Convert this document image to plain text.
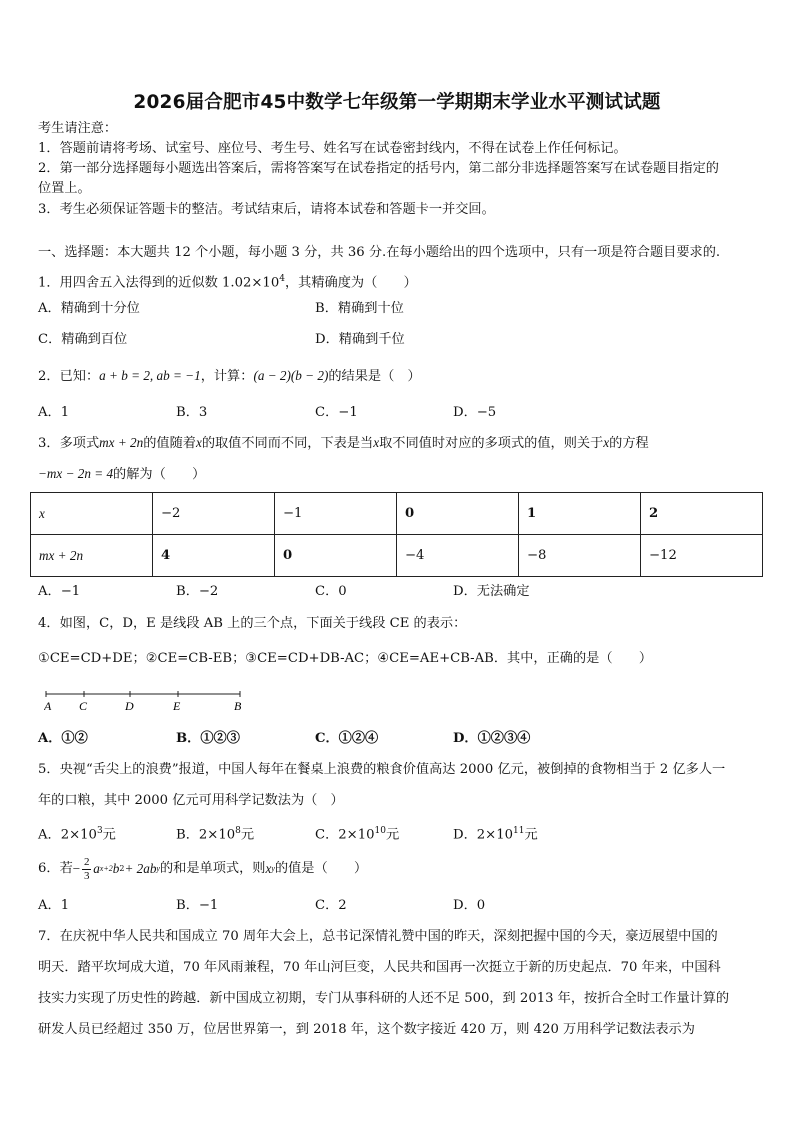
2026届合肥市45中数学七年级第一学期期末学业水平测试试题
考生请注意：
1．答题前请将考场、试室号、座位号、考生号、姓名写在试卷密封线内，不得在试卷上作任何标记。
2．第一部分选择题每小题选出答案后，需将答案写在试卷指定的括号内，第二部分非选择题答案写在试卷题目指定的
位置上。
3．考生必须保证答题卡的整洁。考试结束后，请将本试卷和答题卡一并交回。
一、选择题：本大题共 12 个小题，每小题 3 分，共 36 分.在每小题给出的四个选项中，只有一项是符合题目要求的.
1．用四舍五入法得到的近似数 $1.02\times 10^4$，其精确度为（　　）
A．精确到十分位	B．精确到十位
C．精确到百位	D．精确到千位
2．已知：a + b = 2, ab = −1，计算：(a − 2)(b − 2)的结果是（　）
A．1	B．3	C．−1	D．−5
3．多项式mx + 2n的值随着x的取值不同而不同，下表是当x取不同值时对应的多项式的值，则关于x的方程
−mx − 2n = 4的解为（　　）
x	−2	−1	0	1	2
mx + 2n	4	0	−4	−8	−12
A．−1	B．−2	C．0	D．无法确定
4．如图，C，D，E 是线段 AB 上的三个点，下面关于线段 CE 的表示：
①CE=CD+DE；②CE=CB-EB；③CE=CD+DB-AC；④CE=AE+CB-AB．其中，正确的是（　　）
A C	D	E	B
A．①②	B．①②③	C．①②④	D．①②③④
5．央视“舌尖上的浪费”报道，中国人每年在餐桌上浪费的粮食价值高达 2000 亿元，被倒掉的食物相当于 2 亿多人一
年的口粮，其中 2000 亿元可用科学记数法为（　）
A．$2\times 10^3$元	B．$2\times 10^8$元	C．$2\times 10^{10}$元	D．$2\times 10^{11}$元
6．若 − 2
3 a x+2 b 2 + 2ab y 的和是单项式，则 x y 的值是（　　）
A．1	B．−1	C．2	D．0
7．在庆祝中华人民共和国成立 70 周年大会上，总书记深情礼赞中国的昨天，深刻把握中国的今天，豪迈展望中国的
明天．踏平坎坷成大道，70 年风雨兼程，70 年山河巨变，人民共和国再一次挺立于新的历史起点．70 年来，中国科
技实力实现了历史性的跨越．新中国成立初期，专门从事科研的人还不足 500，到 2013 年，按折合全时工作量计算的
研发人员已经超过 350 万，位居世界第一，到 2018 年，这个数字接近 420 万，则 420 万用科学记数法表示为
